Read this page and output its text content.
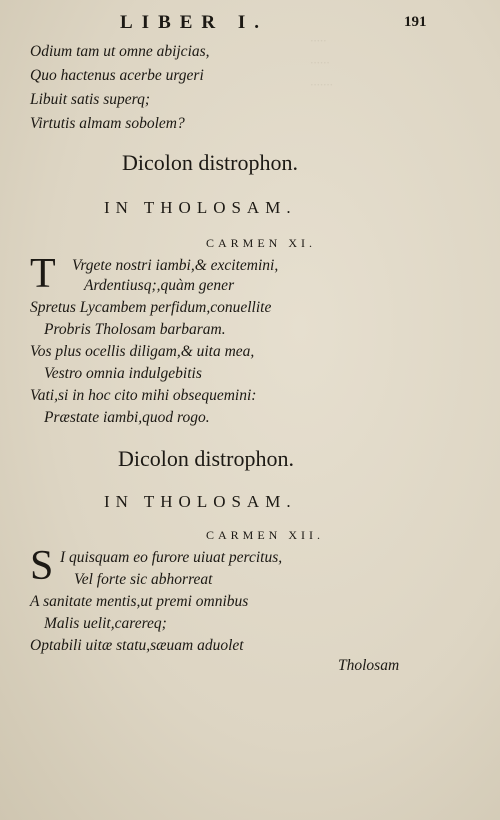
·····
······
·······

LIBER I.	191
Odium tam ut omne abijcias,
Quo hactenus acerbe urgeri
Libuit satis superq;
Virtutis almam sobolem?
Dicolon distrophon.
IN THOLOSAM.
CARMEN XI.
T Vrgete nostri iambi,& excitemini,
Ardentiusq;,quàm gener
Spretus Lycambem perfidum,conuellite
Probris Tholosam barbaram.
Vos plus ocellis diligam,& uita mea,
Vestro omnia indulgebitis
Vati,si in hoc cito mihi obsequemini:
Præstate iambi,quod rogo.
Dicolon distrophon.
IN THOLOSAM.
CARMEN XII.
S I quisquam eo furore uiuat percitus,
Vel forte sic abhorreat
A sanitate mentis,ut premi omnibus
Malis uelit,carereq;
Optabili uitæ statu,sæuam aduolet
Tholosam
